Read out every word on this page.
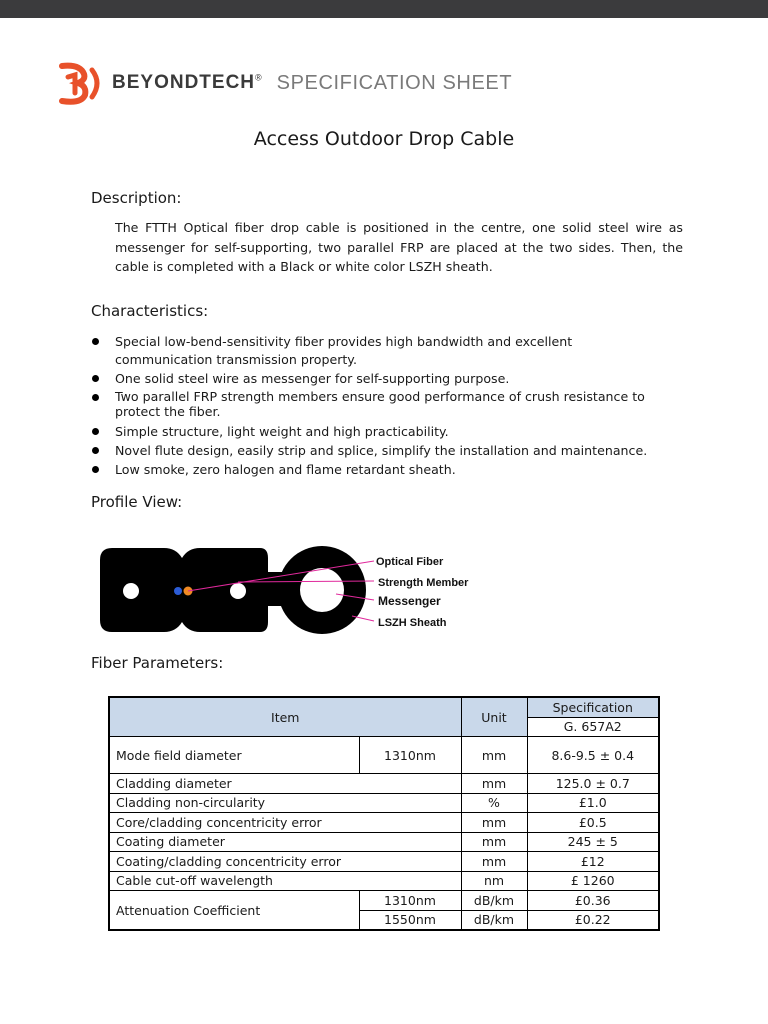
BEYONDTECH® SPECIFICATION SHEET
Access Outdoor Drop Cable
Description:
The FTTH Optical fiber drop cable is positioned in the centre, one solid steel wire as messenger for self-supporting, two parallel FRP are placed at the two sides. Then, the cable is completed with a Black or white color LSZH sheath.
Characteristics:
Special low-bend-sensitivity fiber provides high bandwidth and excellent communication transmission property.
One solid steel wire as messenger for self-supporting purpose.
Two parallel FRP strength members ensure good performance of crush resistance to protect the fiber.
Simple structure, light weight and high practicability.
Novel flute design, easily strip and splice, simplify the installation and maintenance.
Low smoke, zero halogen and flame retardant sheath.
Profile View:
Optical Fiber
Strength Member
Messenger
LSZH Sheath
Fiber Parameters:
Item		Unit	Specification
			G. 657A2
Mode field diameter	1310nm	mm	8.6-9.5 ± 0.4
Cladding diameter		mm	125.0 ± 0.7
Cladding non-circularity		%	£1.0
Core/cladding concentricity error		mm	£0.5
Coating diameter		mm	245 ± 5
Coating/cladding concentricity error		mm	£12
Cable cut-off wavelength		nm	£ 1260
Attenuation Coefficient	1310nm	dB/km	£0.36
	1550nm	dB/km	£0.22
